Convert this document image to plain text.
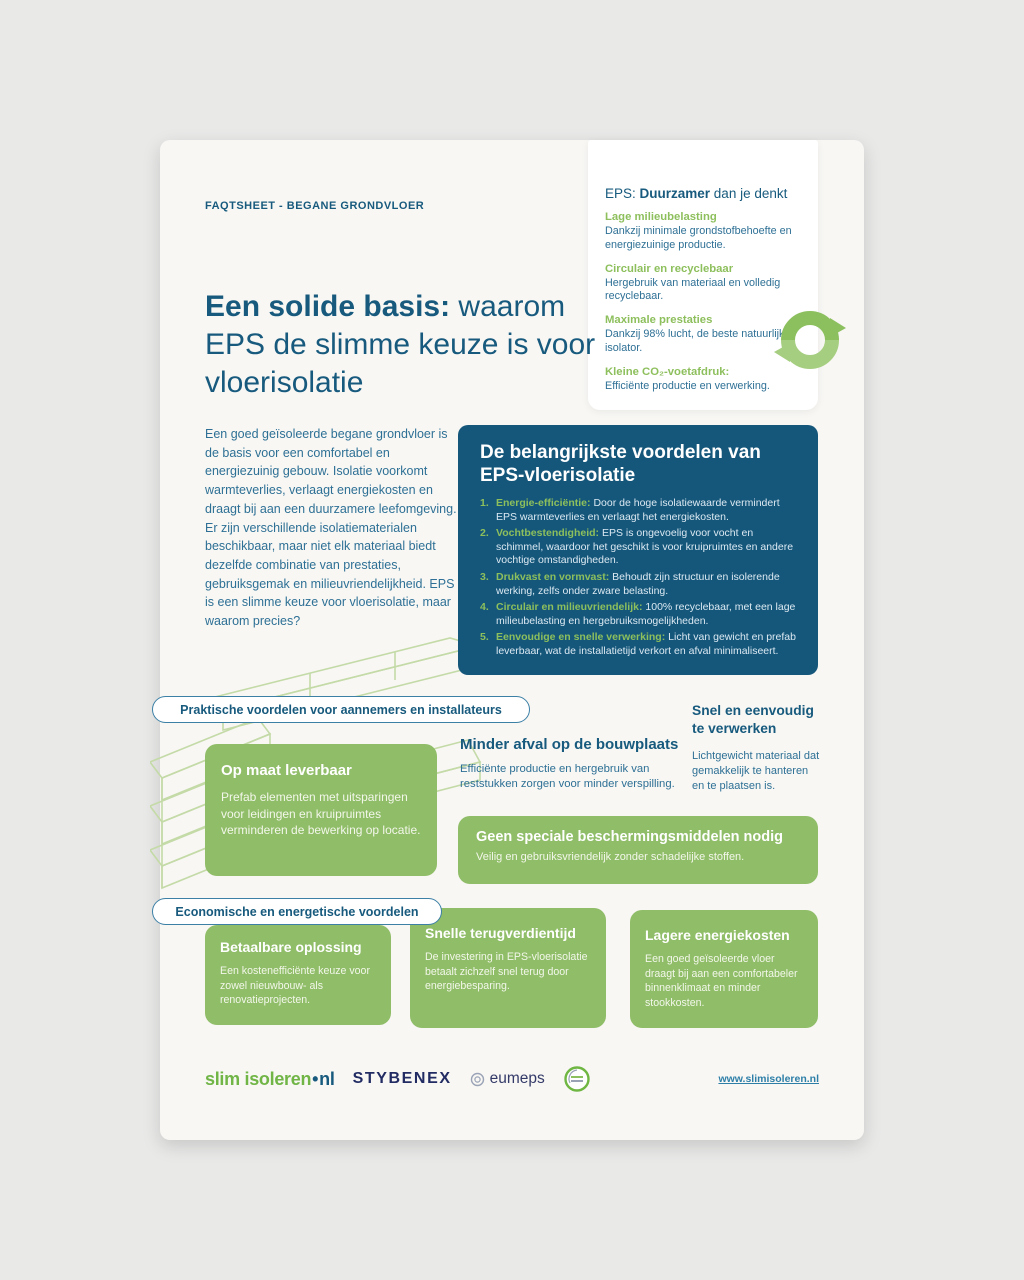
FAQTSHEET - BEGANE GRONDVLOER
EPS: Duurzamer dan je denkt
Lage milieubelasting
Dankzij minimale grondstofbehoefte en energiezuinige productie.
Circulair en recyclebaar
Hergebruik van materiaal en volledig recyclebaar.
Maximale prestaties
Dankzij 98% lucht, de beste natuurlijke isolator.
Kleine CO₂-voetafdruk:
Efficiënte productie en verwerking.
Een solide basis: waarom EPS de slimme keuze is voor vloerisolatie

Een goed geïsoleerde begane grondvloer is de basis voor een comfortabel en energiezuinig gebouw. Isolatie voorkomt warmteverlies, verlaagt energiekosten en draagt bij aan een duurzamere leefomgeving. Er zijn verschillende isolatiematerialen beschikbaar, maar niet elk materiaal biedt dezelfde combinatie van prestaties, gebruiksgemak en milieuvriendelijkheid. EPS is een slimme keuze voor vloerisolatie, maar waarom precies?

De belangrijkste voordelen van EPS-vloerisolatie
1. Energie-efficiëntie: Door de hoge isolatiewaarde vermindert EPS warmteverlies en verlaagt het energiekosten.
2. Vochtbestendigheid: EPS is ongevoelig voor vocht en schimmel, waardoor het geschikt is voor kruipruimtes en andere vochtige omstandigheden.
3. Drukvast en vormvast: Behoudt zijn structuur en isolerende werking, zelfs onder zware belasting.
4. Circulair en milieuvriendelijk: 100% recyclebaar, met een lage milieubelasting en hergebruiksmogelijkheden.
5. Eenvoudige en snelle verwerking: Licht van gewicht en prefab leverbaar, wat de installatietijd verkort en afval minimaliseert.
Praktische voordelen voor aannemers en installateurs
Op maat leverbaar

Prefab elementen met uitsparingen voor leidingen en kruipruimtes verminderen de bewerking op locatie.

Minder afval op de bouwplaats

Efficiënte productie en hergebruik van reststukken zorgen voor minder verspilling.

Snel en eenvoudig te verwerken

Lichtgewicht materiaal dat gemakkelijk te hanteren en te plaatsen is.

Geen speciale beschermingsmiddelen nodig

Veilig en gebruiksvriendelijk zonder schadelijke stoffen.

Economische en energetische voordelen
Betaalbare oplossing

Een kostenefficiënte keuze voor zowel nieuwbouw- als renovatieprojecten.

Snelle terugverdientijd

De investering in EPS-vloerisolatie betaalt zichzelf snel terug door energiebesparing.

Lagere energiekosten

Een goed geïsoleerde vloer draagt bij aan een comfortabeler binnenklimaat en minder stookkosten.

slim isoleren•nl STYBENEX eumeps	www.slimisoleren.nl
